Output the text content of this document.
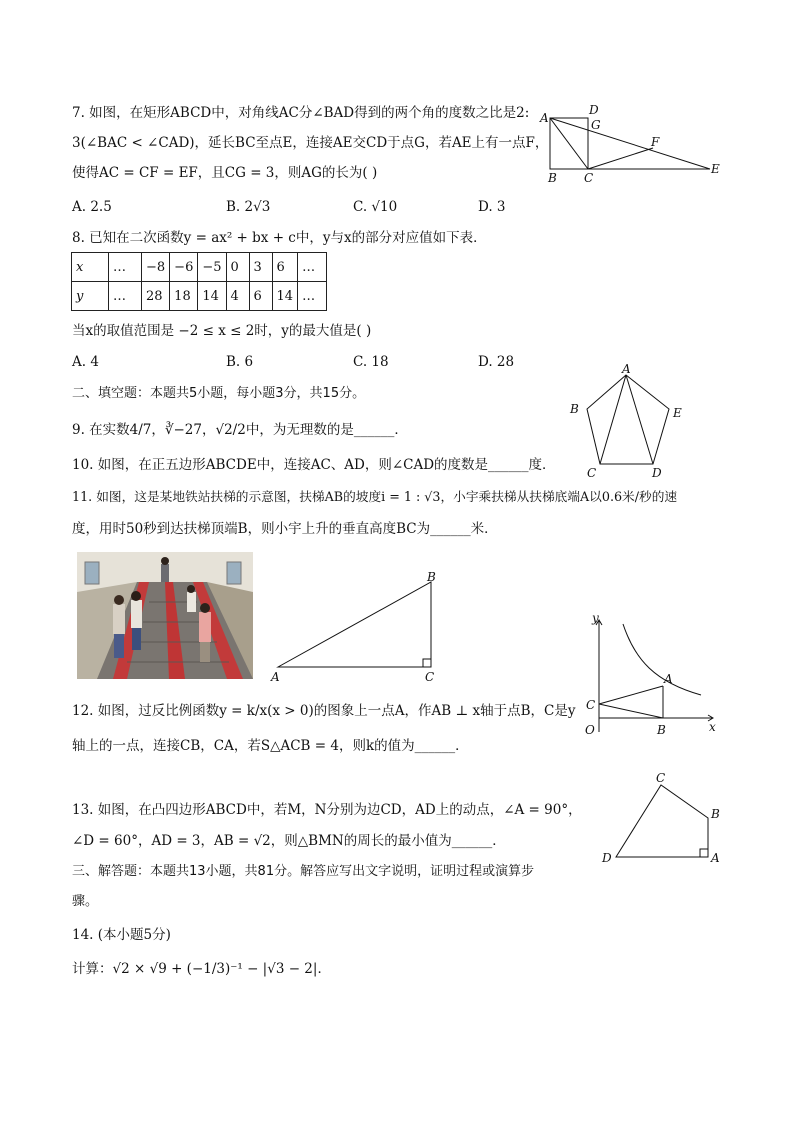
7. 如图，在矩形ABCD中，对角线AC分∠BAD得到的两个角的度数之比是2:
3(∠BAC < ∠CAD)，延长BC至点E，连接AE交CD于点G，若AE上有一点F，
使得AC = CF = EF，且CG = 3，则AG的长为( )
A. 2.5	B. 2√3	C. √10	D. 3
A
D
G
F
E
B C
8. 已知在二次函数y = ax² + bx + c中，y与x的部分对应值如下表．
x	…	−8	−6	−5	0	3	6	…
y	…	28	18	14	4	6	14	…
当x的取值范围是 −2 ≤ x ≤ 2时，y的最大值是( )
A. 4	B. 6	C. 18	D. 28
二、填空题：本题共5小题，每小题3分，共15分。
A
B	E
C	D
9. 在实数4/7，∛−27，√2/2中，为无理数的是______．
10. 如图，在正五边形ABCDE中，连接AC、AD，则∠CAD的度数是______度．
11. 如图，这是某地铁站扶梯的示意图，扶梯AB的坡度i = 1 : √3，小宇乘扶梯从扶梯底端A以0.6米/秒的速
度，用时50秒到达扶梯顶端B，则小宇上升的垂直高度BC为______米．
B
A	C
y
A
C
O	B	x
12. 如图，过反比例函数y = k/x(x > 0)的图象上一点A，作AB ⊥ x轴于点B，C是y
轴上的一点，连接CB，CA，若S△ACB = 4，则k的值为______．
C
B
D	A
13. 如图，在凸四边形ABCD中，若M，N分别为边CD，AD上的动点，∠A = 90°，
∠D = 60°，AD = 3，AB = √2，则△BMN的周长的最小值为______．
三、解答题：本题共13小题，共81分。解答应写出文字说明，证明过程或演算步
骤。
14. (本小题5分)
计算：√2 × √9 + (−1/3)⁻¹ − |√3 − 2|．
